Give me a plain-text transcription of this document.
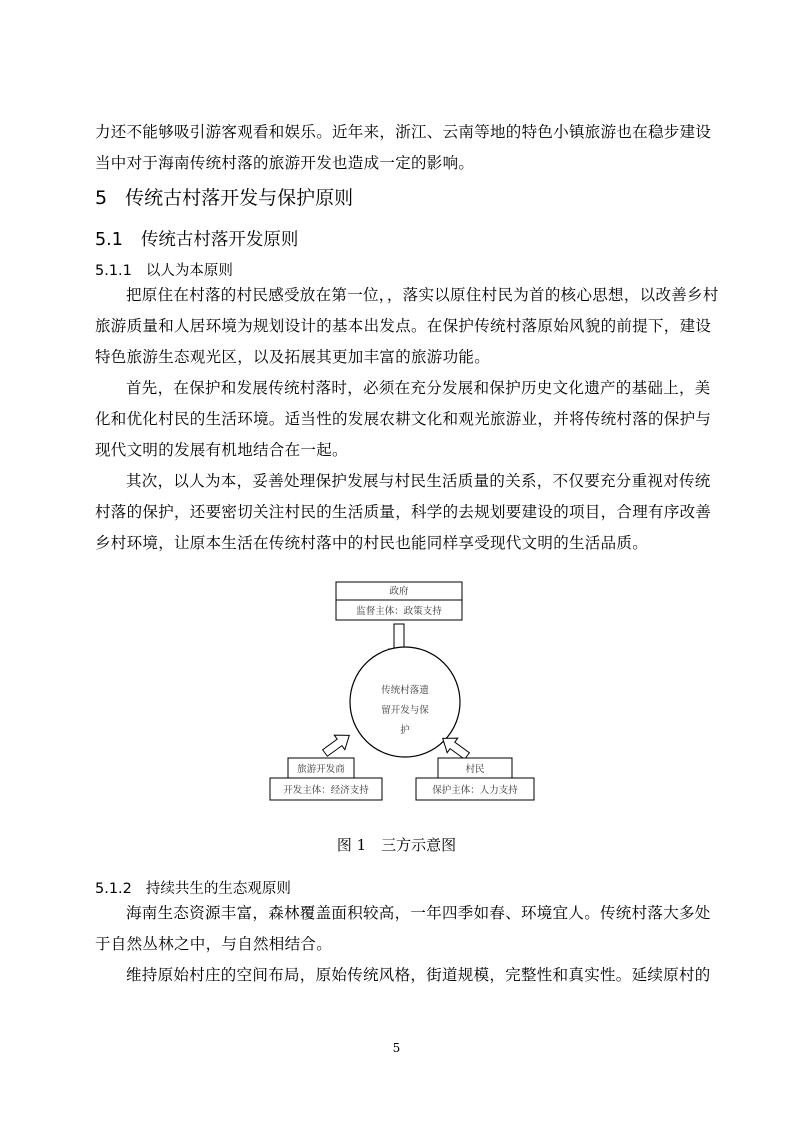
力还不能够吸引游客观看和娱乐。近年来，浙江、云南等地的特色小镇旅游也在稳步建设当中对于海南传统村落的旅游开发也造成一定的影响。

5 传统古村落开发与保护原则
5.1 传统古村落开发原则
5.1.1 以人为本原则

把原住在村落的村民感受放在第一位，，落实以原住村民为首的核心思想，以改善乡村旅游质量和人居环境为规划设计的基本出发点。在保护传统村落原始风貌的前提下，建设特色旅游生态观光区，以及拓展其更加丰富的旅游功能。

首先，在保护和发展传统村落时，必须在充分发展和保护历史文化遗产的基础上，美化和优化村民的生活环境。适当性的发展农耕文化和观光旅游业，并将传统村落的保护与现代文明的发展有机地结合在一起。

其次，以人为本，妥善处理保护发展与村民生活质量的关系，不仅要充分重视对传统村落的保护，还要密切关注村民的生活质量，科学的去规划要建设的项目，合理有序改善乡村环境，让原本生活在传统村落中的村民也能同样享受现代文明的生活品质。

政府
监督主体：政策支持
传统村落遗
留开发与保
护
旅游开发商
开发主体：经济支持
村民
保护主体：人力支持

图 1　三方示意图

5.1.2 持续共生的生态观原则

海南生态资源丰富，森林覆盖面积较高，一年四季如春、环境宜人。传统村落大多处于自然丛林之中，与自然相结合。

维持原始村庄的空间布局，原始传统风格，街道规模，完整性和真实性。延续原村的

5
